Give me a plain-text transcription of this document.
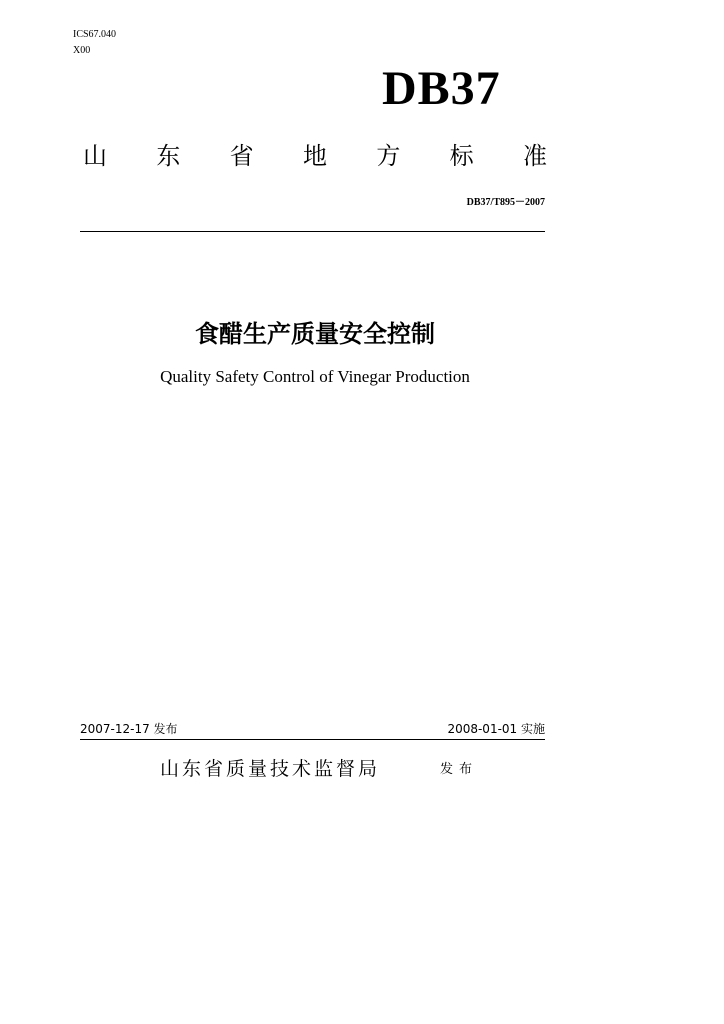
ICS67.040
X00
DB37
山 东 省 地 方 标 准
DB37/T895－2007
食醋生产质量安全控制
Quality Safety Control of Vinegar Production
2007-12-17 发布	2008-01-01 实施
山东省质量技术监督局	发布
